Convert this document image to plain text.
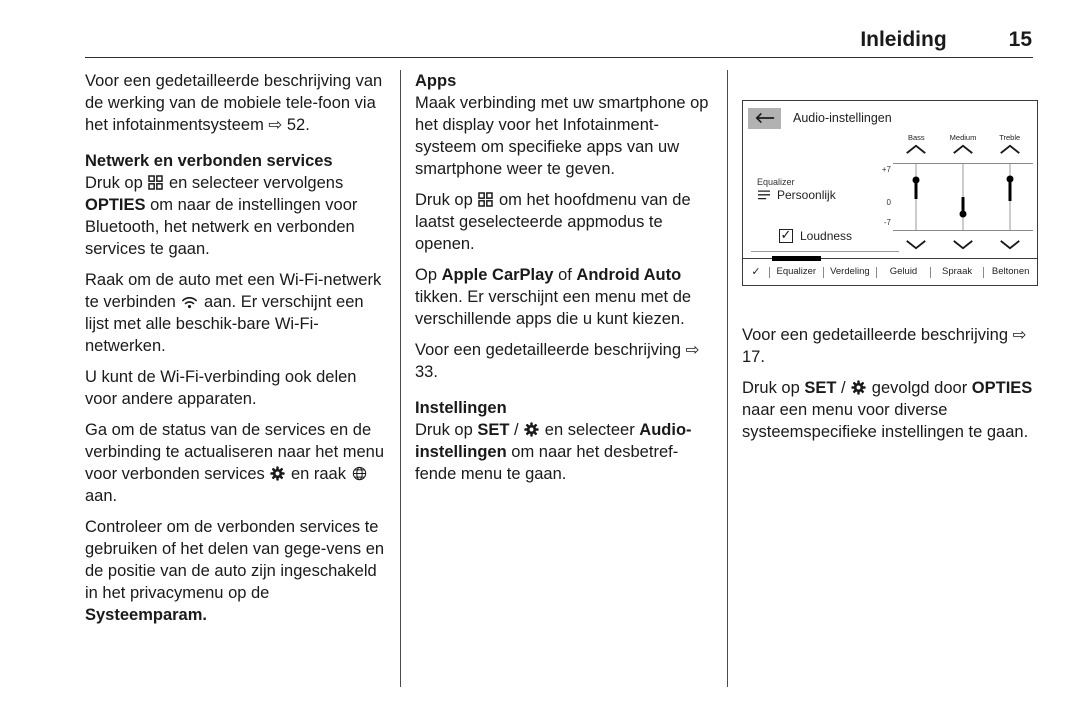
Inleiding	15

Voor een gedetailleerde beschrijving van de werking van de mobiele tele-foon via het infotainmentsysteem ⇨ 52.

Netwerk en verbonden services

Druk op  en selecteer vervolgens OPTIES om naar de instellingen voor Bluetooth, het netwerk en verbonden services te gaan.

Raak om de auto met een Wi-Fi-netwerk te verbinden  aan. Er verschijnt een lijst met alle beschik-bare Wi-Fi-netwerken.

U kunt de Wi-Fi-verbinding ook delen voor andere apparaten.

Ga om de status van de services en de verbinding te actualiseren naar het menu voor verbonden services  en raak  aan.

Controleer om de verbonden services te gebruiken of het delen van gege-vens en de positie van de auto zijn ingeschakeld in het privacymenu op de Systeemparam.

Apps

Maak verbinding met uw smartphone op het display voor het Infotainment-systeem om specifieke apps van uw smartphone weer te geven.

Druk op  om het hoofdmenu van de laatst geselecteerde appmodus te openen.

Op Apple CarPlay of Android Auto tikken. Er verschijnt een menu met de verschillende apps die u kunt kiezen.

Voor een gedetailleerde beschrijving ⇨ 33.

Instellingen

Druk op SET /  en selecteer Audio-instellingen om naar het desbetref-fende menu te gaan.

Audio-instellingen
Equalizer
Persoonlijk
✓ Loudness
Bass	Medium	Treble
+7
0
-7
✓	Equalizer	Verdeling	Geluid	Spraak	Beltonen

Voor een gedetailleerde beschrijving ⇨ 17.

Druk op SET /  gevolgd door OPTIES naar een menu voor diverse systeemspecifieke instellingen te gaan.
